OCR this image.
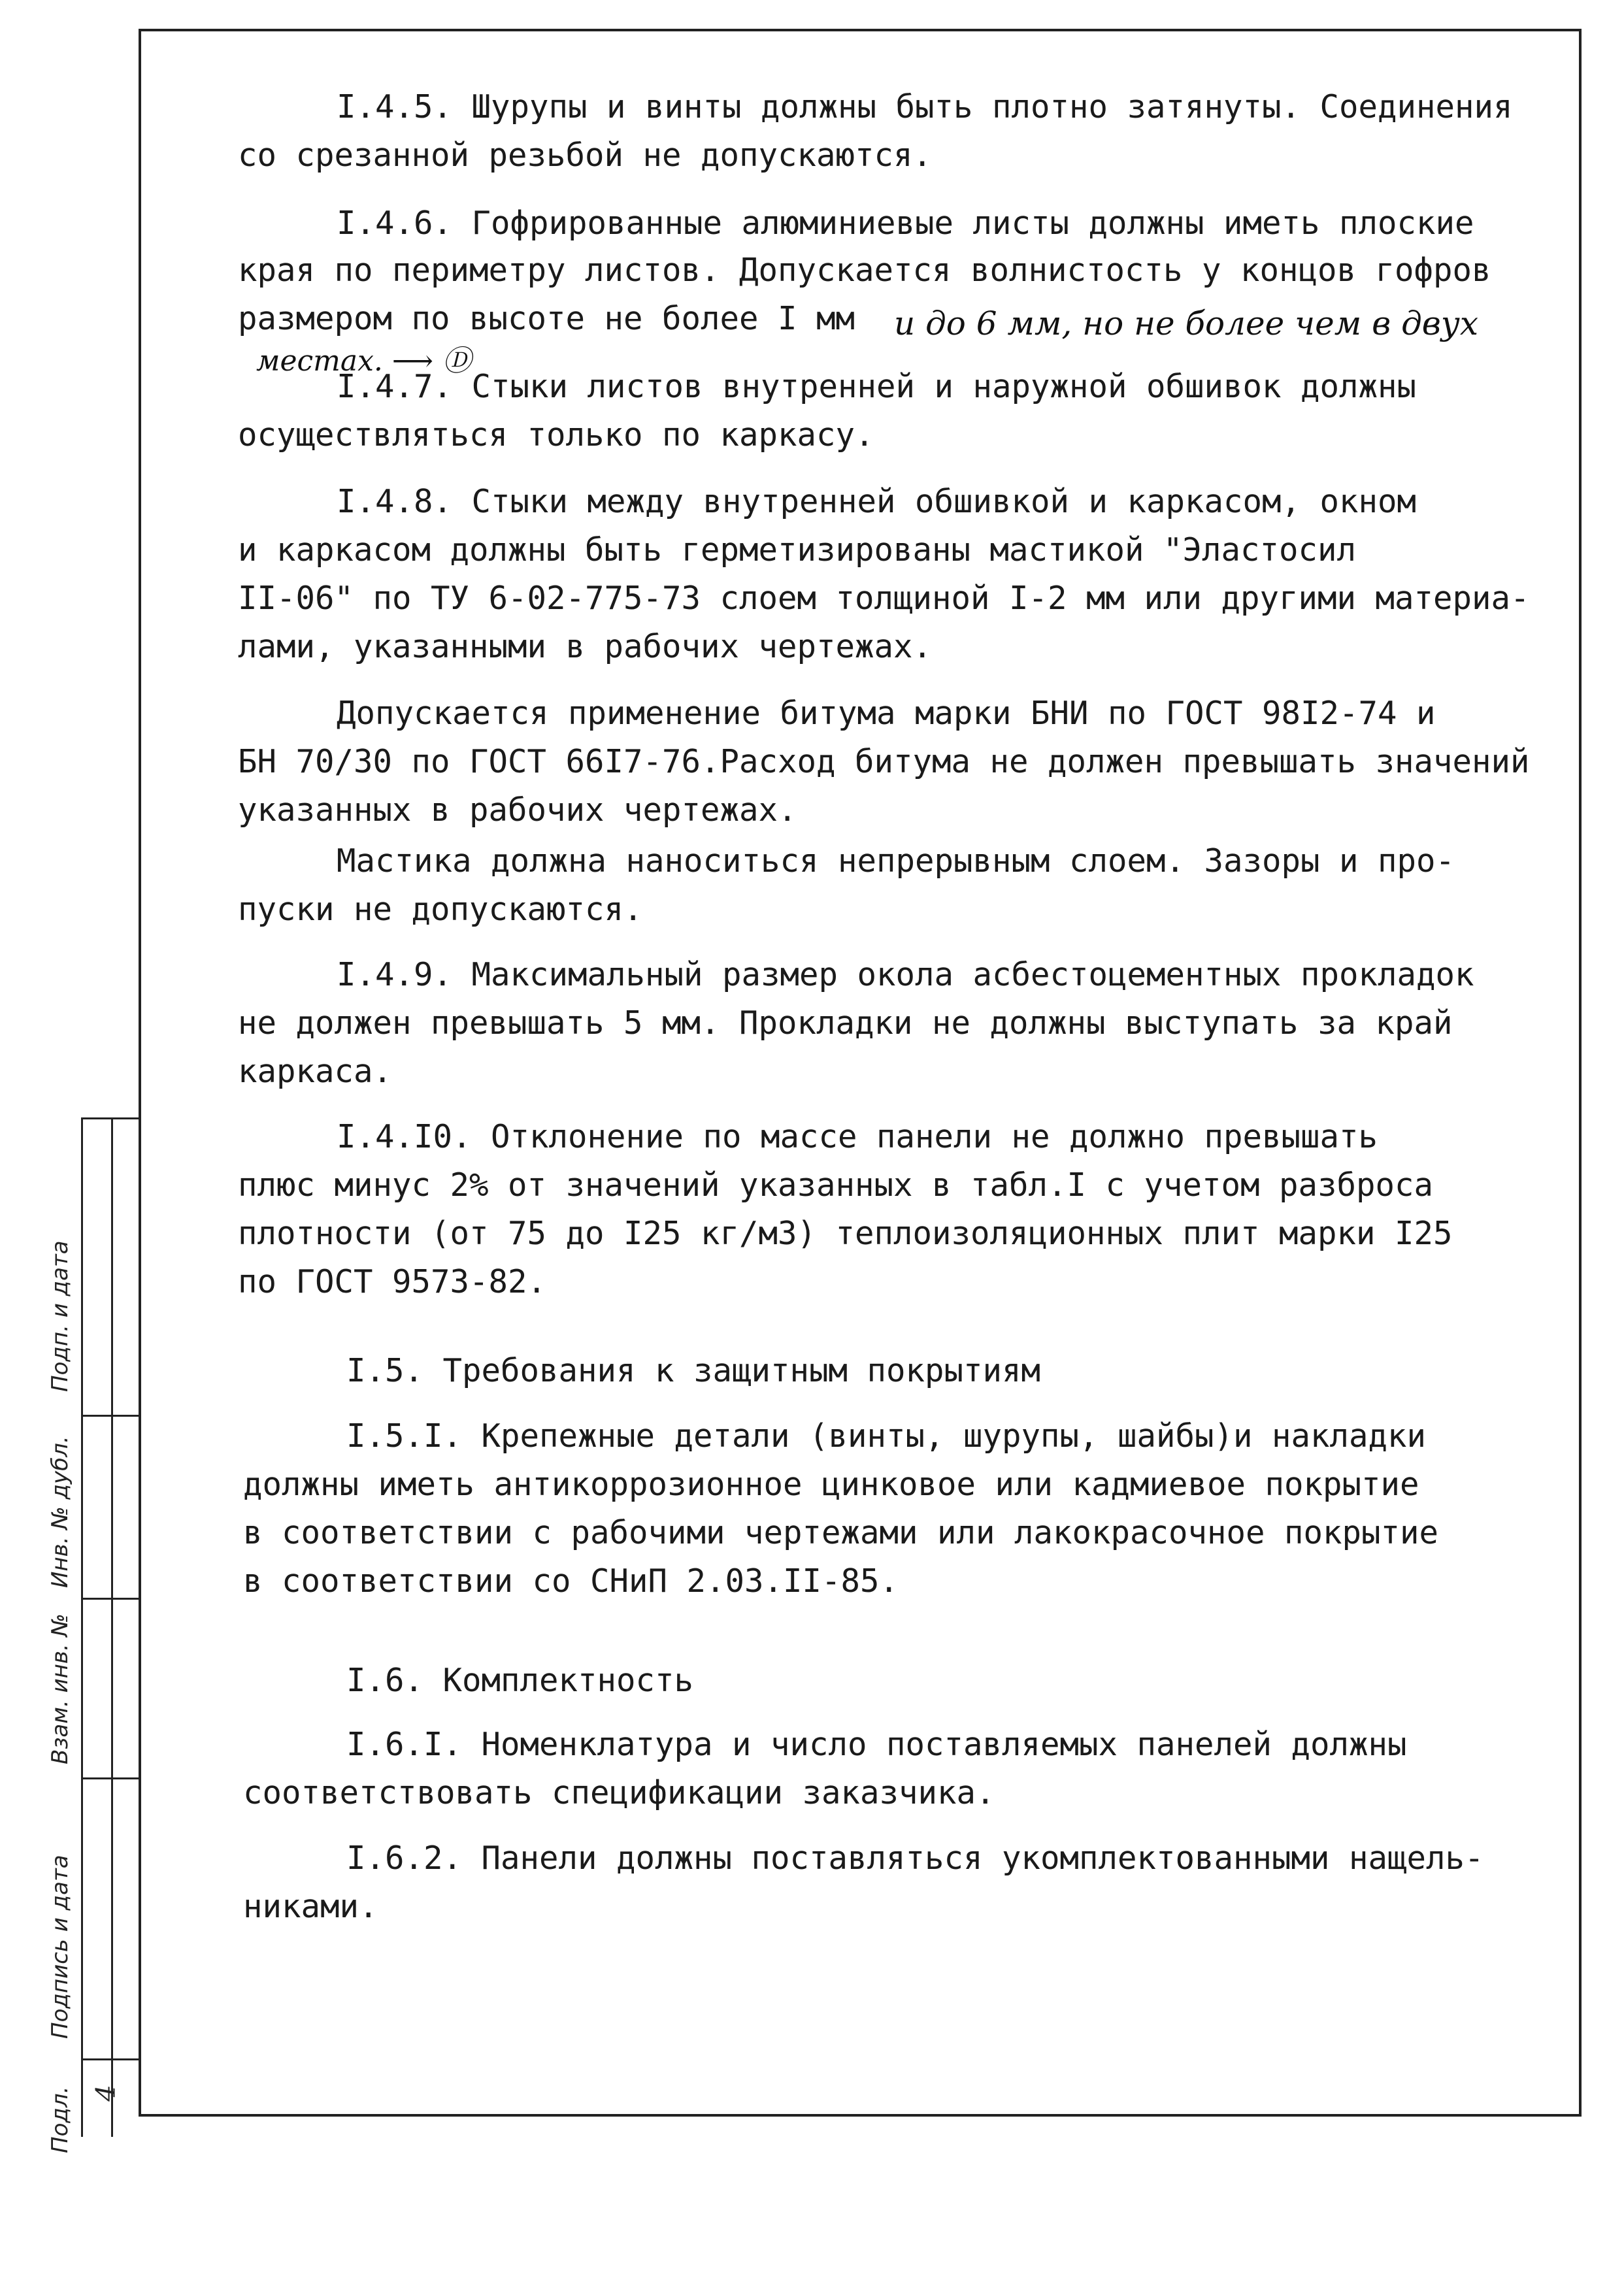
Подп. и дата
Инв. № дубл.
Взам. инв. №
Подпись и дата
Подл. 4
I.4.5. Шурупы и винты должны быть плотно затянуты. Соединения
со срезанной резьбой не допускаются.
I.4.6. Гофрированные алюминиевые листы должны иметь плоские
края по периметру листов. Допускается волнистость у концов гофров
размером по высоте не более I мм и до 6 мм, но не более чем в двух
местах. ⟶ Ⓓ
I.4.7. Стыки листов внутренней и наружной обшивок должны
осуществляться только по каркасу.
I.4.8. Стыки между внутренней обшивкой и каркасом, окном
и каркасом должны быть герметизированы мастикой "Эластосил
II-06" по ТУ 6-02-775-73 слоем толщиной I-2 мм или другими материа-
лами, указанными в рабочих чертежах.
Допускается применение битума марки БНИ по ГОСТ 98I2-74 и
БН 70/30 по ГОСТ 66I7-76.Расход битума не должен превышать значений
указанных в рабочих чертежах.
Мастика должна наноситься непрерывным слоем. Зазоры и про-
пуски не допускаются.
I.4.9. Максимальный размер окола асбестоцементных прокладок
не должен превышать 5 мм. Прокладки не должны выступать за край
каркаса.
I.4.I0. Отклонение по массе панели не должно превышать
плюс минус 2% от значений указанных в табл.I с учетом разброса
плотности (от 75 до I25 кг/м3) теплоизоляционных плит марки I25
по ГОСТ 9573-82.
I.5. Требования к защитным покрытиям
I.5.I. Крепежные детали (винты, шурупы, шайбы)и накладки
должны иметь антикоррозионное цинковое или кадмиевое покрытие
в соответствии с рабочими чертежами или лакокрасочное покрытие
в соответствии со СНиП 2.03.II-85.
I.6. Комплектность
I.6.I. Номенклатура и число поставляемых панелей должны
соответствовать спецификации заказчика.
I.6.2. Панели должны поставляться укомплектованными нащель-
никами.
